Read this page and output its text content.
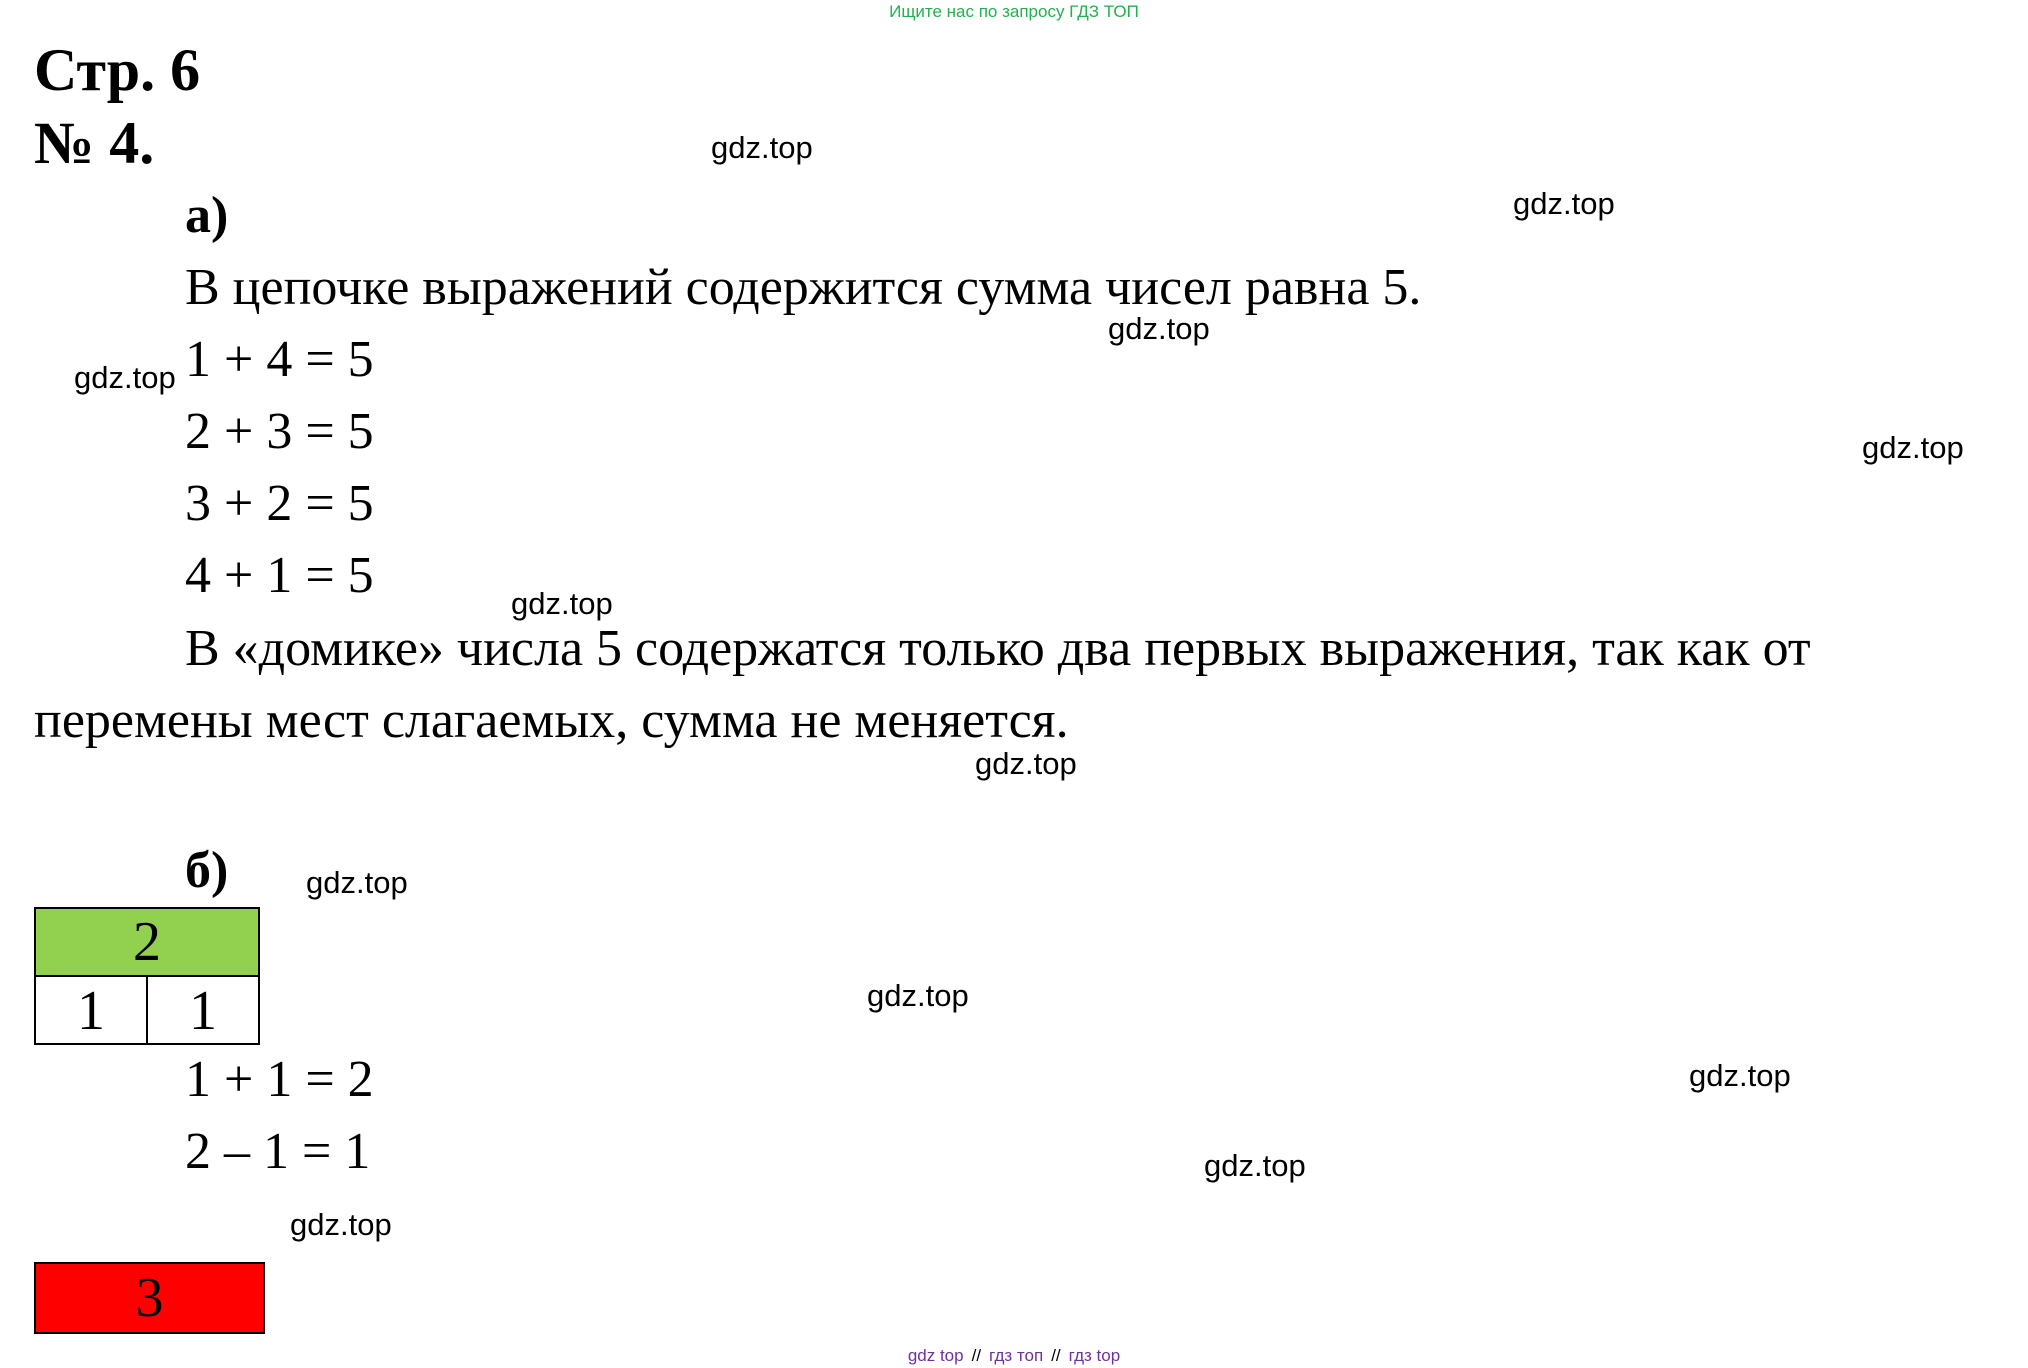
Ищите нас по запросу ГДЗ ТОП
Стр. 6
№ 4.
а)
В цепочке выражений содержится сумма чисел равна 5.
1 + 4 = 5
2 + 3 = 5
3 + 2 = 5
4 + 1 = 5
В «домике» числа 5 содержатся только два первых выражения, так как от
перемены мест слагаемых, сумма не меняется.
б)
2
1	1
1 + 1 = 2
2 – 1 = 1
3
gdz.top
gdz.top
gdz.top
gdz.top
gdz.top
gdz.top
gdz.top
gdz.top
gdz.top
gdz.top
gdz.top
gdz.top
gdz top // гдз топ // гдз top
